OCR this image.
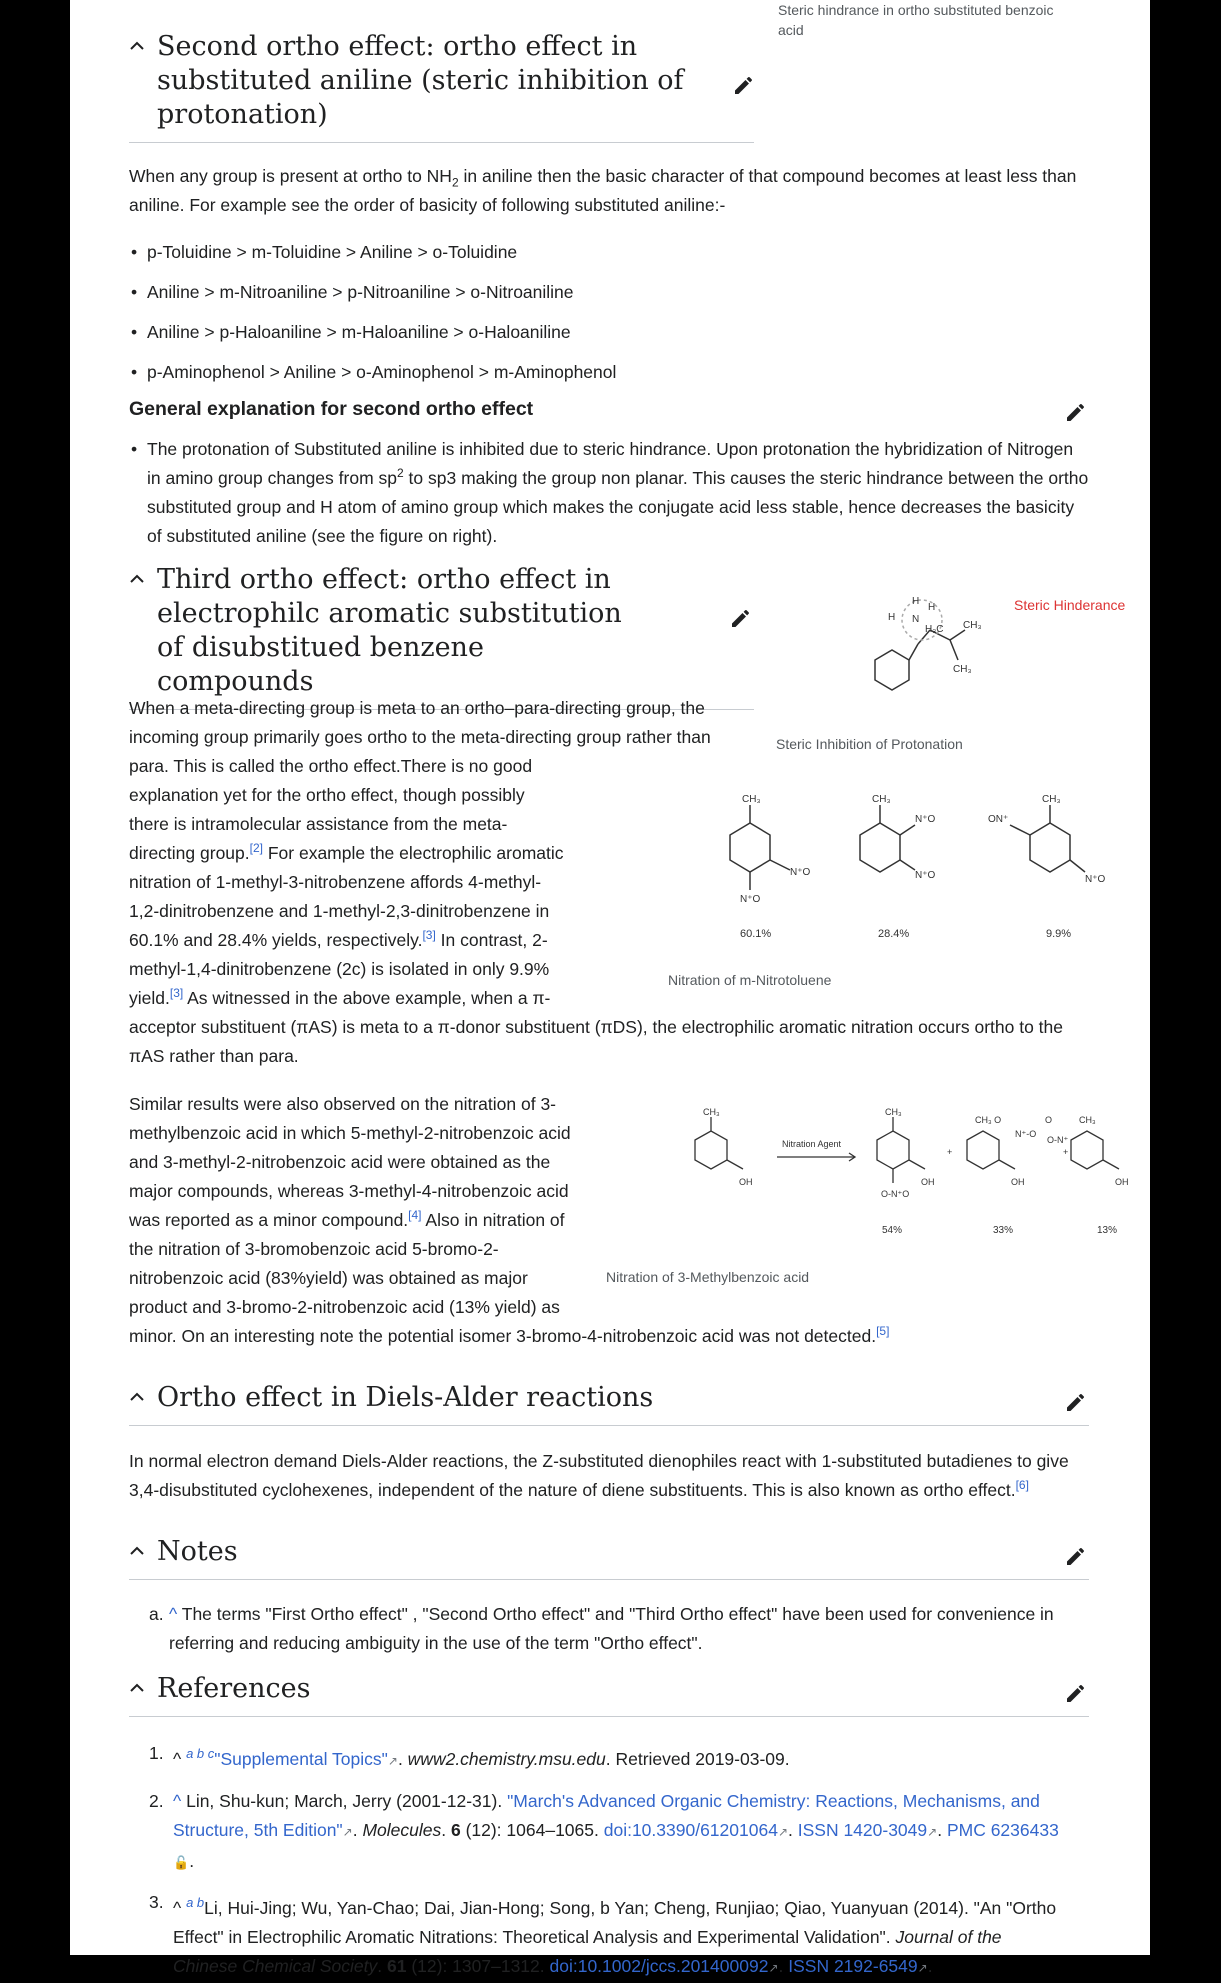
Steric hindrance in ortho substituted benzoic acid
Second ortho effect: ortho effect in substituted aniline (steric inhibition of protonation)

When any group is present at ortho to $NH_2$ in aniline then the basic character of that compound becomes at least less than aniline. For example see the order of basicity of following substituted aniline:-

• p-Toluidine > m-Toluidine > Aniline > o-Toluidine
• Aniline > m-Nitroaniline > p-Nitroaniline > o-Nitroaniline
• Aniline > p-Haloaniline > m-Haloaniline > o-Haloaniline
• p-Aminophenol > Aniline > o-Aminophenol > m-Aminophenol
General explanation for second ortho effect
• The protonation of Substituted aniline is inhibited due to steric hindrance. Upon protonation the hybridization of Nitrogen in amino group changes from $sp^2$ to sp3 making the group non planar. This causes the steric hindrance between the ortho substituted group and H atom of amino group which makes the conjugate acid less stable, hence decreases the basicity of substituted aniline (see the figure on right).
Third ortho effect: ortho effect in electrophilc aromatic substitution of disubstitued benzene compounds
When a meta-directing group is meta to an ortho–para-directing group, the
incoming group primarily goes ortho to the meta-directing group rather than
para. This is called the ortho effect.There is no good
explanation yet for the ortho effect, though possibly
there is intramolecular assistance from the meta-
directing group.[2] For example the electrophilic aromatic
nitration of 1-methyl-3-nitrobenzene affords 4-methyl-
1,2-dinitrobenzene and 1-methyl-2,3-dinitrobenzene in
60.1% and 28.4% yields, respectively.[3] In contrast, 2-
methyl-1,4-dinitrobenzene (2c) is isolated in only 9.9%
yield.[3] As witnessed in the above example, when a π-
acceptor substituent (πAS) is meta to a π-donor substituent (πDS), the electrophilic aromatic nitration occurs ortho to the
πAS rather than para.
Similar results were also observed on the nitration of 3-
methylbenzoic acid in which 5-methyl-2-nitrobenzoic acid
and 3-methyl-2-nitrobenzoic acid were obtained as the
major compounds, whereas 3-methyl-4-nitrobenzoic acid
was reported as a minor compound.[4] Also in nitration of
the nitration of 3-bromobenzoic acid 5-bromo-2-
nitrobenzoic acid (83%yield) was obtained as major
product and 3-bromo-2-nitrobenzoic acid (13% yield) as
minor. On an interesting note the potential isomer 3-bromo-4-nitrobenzoic acid was not detected.[5]
Ortho effect in Diels-Alder reactions

In normal electron demand Diels-Alder reactions, the Z-substituted dienophiles react with 1-substituted butadienes to give 3,4-disubstituted cyclohexenes, independent of the nature of diene substituents. This is also known as ortho effect.[6]

Notes
a. ^ The terms "First Ortho effect" , "Second Ortho effect" and "Third Ortho effect" have been used for convenience in referring and reducing ambiguity in the use of the term "Ortho effect".
References
1. ^ $^{a b c}$"Supplemental Topics"↗. www2.chemistry.msu.edu. Retrieved 2019-03-09.
2. ^ Lin, Shu-kun; March, Jerry (2001-12-31). "March's Advanced Organic Chemistry: Reactions, Mechanisms, and Structure, 5th Edition"↗. Molecules. 6 (12): 1064–1065. doi:10.3390/61201064↗. ISSN 1420-3049↗. PMC 6236433🔓.
3. ^ $^{a b}$Li, Hui-Jing; Wu, Yan-Chao; Dai, Jian-Hong; Song, b Yan; Cheng, Runjiao; Qiao, Yuanyuan (2014). "An "Ortho Effect" in Electrophilic Aromatic Nitrations: Theoretical Analysis and Experimental Validation". Journal of the Chinese Chemical Society. 61 (12): 1307–1312. doi:10.1002/jccs.201400092↗. ISSN 2192-6549↗.
H
N
H
H
H₃C CH₃
CH₃
Steric Hinderance
Steric Inhibition of Protonation
CH₃
N⁺O
N⁺O
CH₃
N⁺O
N⁺O
CH₃
ON⁺
N⁺O
60.1%	28.4%	9.9%
Nitration of m-Nitrotoluene
CH₃
OH
CH₃
OH
O-N⁺O
CH₃ O
N⁺-O
OH
+
O	CH₃
O-N⁺
OH
+
Nitration Agent
54%	33%	13%
Nitration of 3-Methylbenzoic acid
